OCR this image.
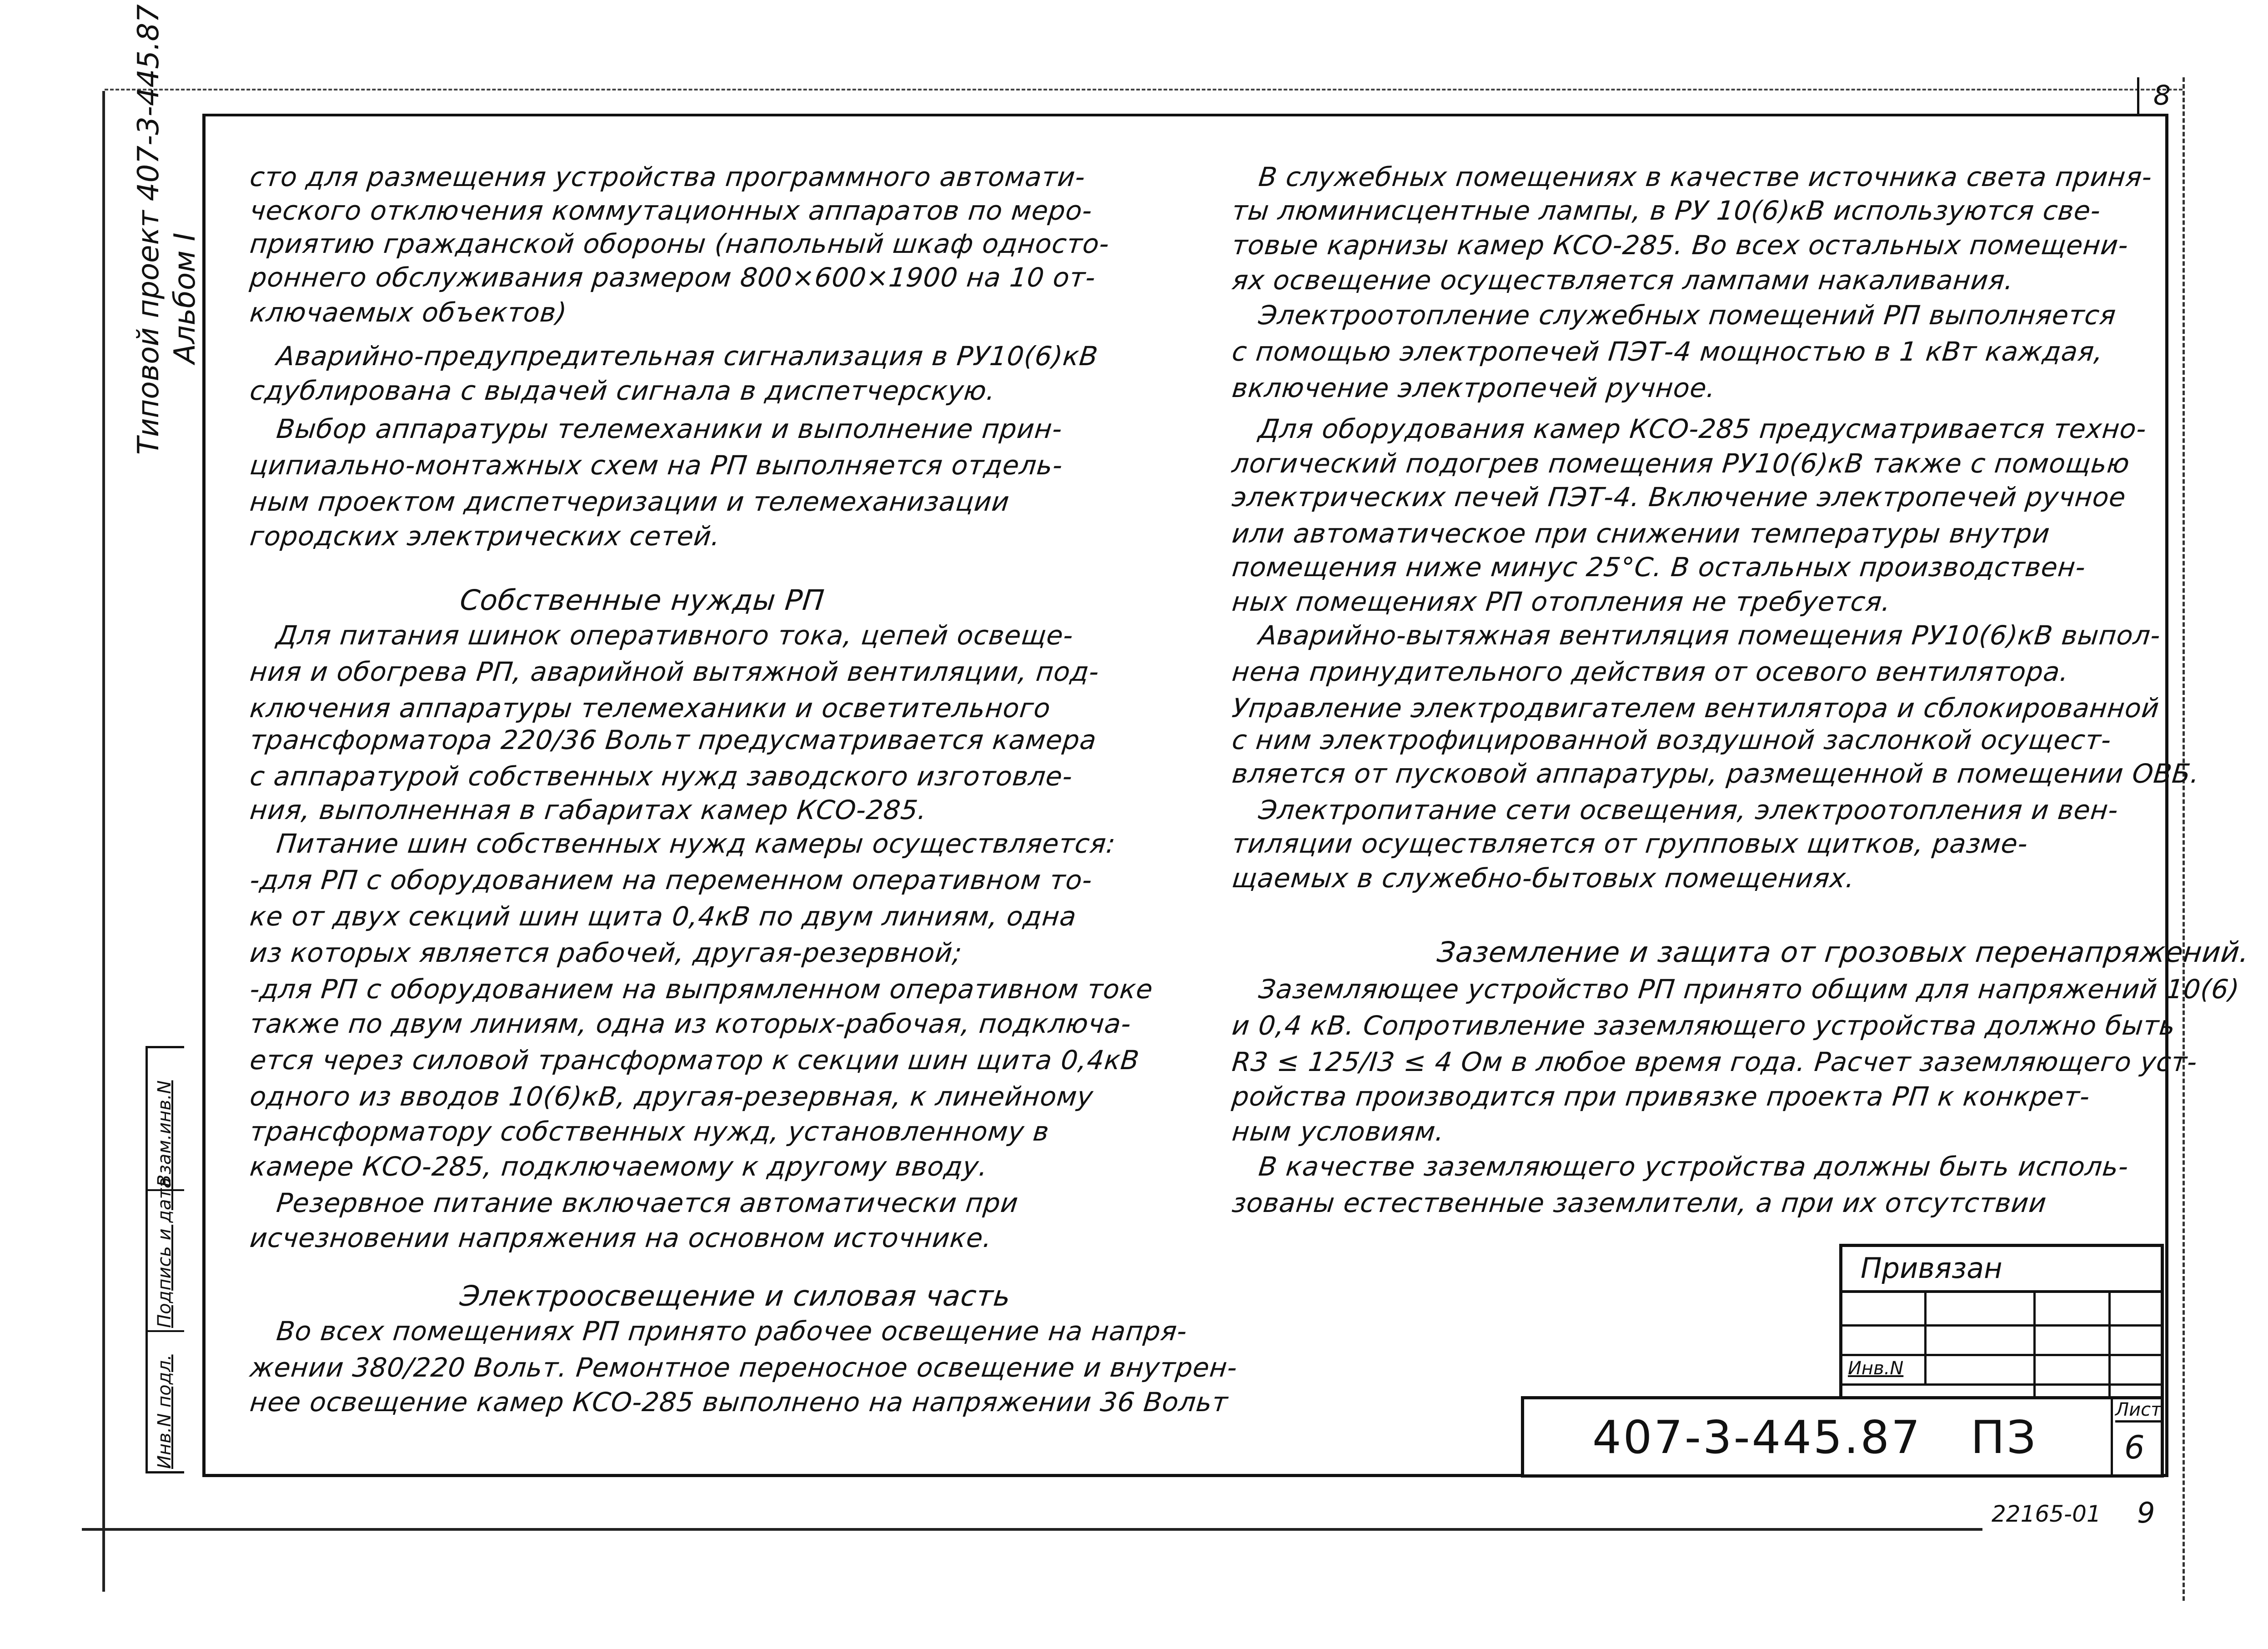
8
Типовой проект 407-3-445.87 Альбом I
Инв.N подл.
Подпись и дата
Взам.инв.N
сто для размещения устройства программного автомати-
ческого отключения коммутационных аппаратов по меро-
приятию гражданской обороны (напольный шкаф односто-
роннего обслуживания размером 800×600×1900 на 10 от-
ключаемых объектов)
Аварийно-предупредительная сигнализация в РУ10(6)кВ
сдублирована с выдачей сигнала в диспетчерскую.
Выбор аппаратуры телемеханики и выполнение прин-
ципиально-монтажных схем на РП выполняется отдель-
ным проектом диспетчеризации и телемеханизации
городских электрических сетей.
Собственные нужды РП
Для питания шинок оперативного тока, цепей освеще-
ния и обогрева РП, аварийной вытяжной вентиляции, под-
ключения аппаратуры телемеханики и осветительного
трансформатора 220/36 Вольт предусматривается камера
с аппаратурой собственных нужд заводского изготовле-
ния, выполненная в габаритах камер КСО-285.
Питание шин собственных нужд камеры осуществляется:
-для РП с оборудованием на переменном оперативном то-
ке от двух секций шин щита 0,4кВ по двум линиям, одна
из которых является рабочей, другая-резервной;
-для РП с оборудованием на выпрямленном оперативном токе
также по двум линиям, одна из которых-рабочая, подключа-
ется через силовой трансформатор к секции шин щита 0,4кВ
одного из вводов 10(6)кВ, другая-резервная, к линейному
трансформатору собственных нужд, установленному в
камере КСО-285, подключаемому к другому вводу.
Резервное питание включается автоматически при
исчезновении напряжения на основном источнике.
Электроосвещение и силовая часть
Во всех помещениях РП принято рабочее освещение на напря-
жении 380/220 Вольт. Ремонтное переносное освещение и внутрен-
нее освещение камер КСО-285 выполнено на напряжении 36 Вольт
В служебных помещениях в качестве источника света приня-
ты люминисцентные лампы, в РУ 10(6)кВ используются све-
товые карнизы камер КСО-285. Во всех остальных помещени-
ях освещение осуществляется лампами накаливания.
Электроотопление служебных помещений РП выполняется
с помощью электропечей ПЭТ-4 мощностью в 1 кВт каждая,
включение электропечей ручное.
Для оборудования камер КСО-285 предусматривается техно-
логический подогрев помещения РУ10(6)кВ также с помощью
электрических печей ПЭТ-4. Включение электропечей ручное
или автоматическое при снижении температуры внутри
помещения ниже минус 25°С. В остальных производствен-
ных помещениях РП отопления не требуется.
Аварийно-вытяжная вентиляция помещения РУ10(6)кВ выпол-
нена принудительного действия от осевого вентилятора.
Управление электродвигателем вентилятора и сблокированной
с ним электрофицированной воздушной заслонкой осущест-
вляется от пусковой аппаратуры, размещенной в помещении ОВБ.
Электропитание сети освещения, электроотопления и вен-
тиляции осуществляется от групповых щитков, разме-
щаемых в служебно-бытовых помещениях.
Заземление и защита от грозовых перенапряжений.
Заземляющее устройство РП принято общим для напряжений 10(6)
и 0,4 кВ. Сопротивление заземляющего устройства должно быть
R3 ≤ 125/I3 ≤ 4 Ом в любое время года. Расчет заземляющего уст-
ройства производится при привязке проекта РП к конкрет-
ным условиям.
В качестве заземляющего устройства должны быть исполь-
зованы естественные заземлители, а при их отсутствии
Привязан
Инв.N
407-3-445.87   ПЗ
Лист
6
22165-01 9
